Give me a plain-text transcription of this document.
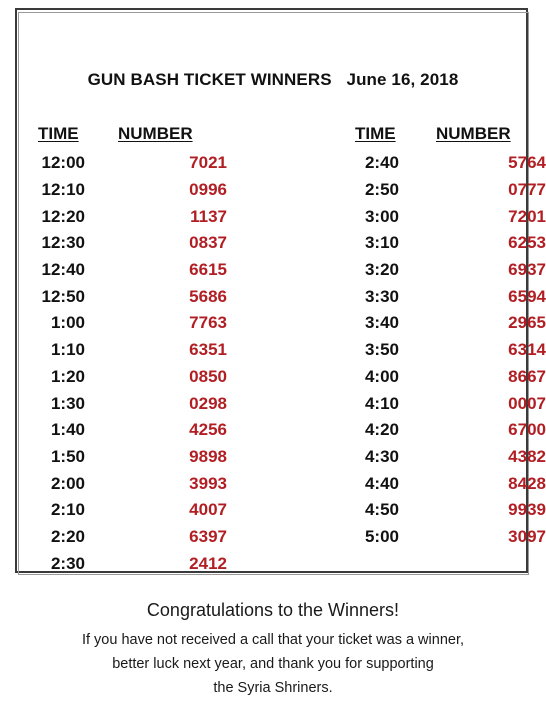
GUN BASH TICKET WINNERS June 16, 2018
TIME NUMBER	TIME NUMBER
12:00	7021
12:10	0996
12:20	1137
12:30	0837
12:40	6615
12:50	5686
1:00	7763
1:10	6351
1:20	0850
1:30	0298
1:40	4256
1:50	9898
2:00	3993
2:10	4007
2:20	6397
2:30	2412
2:40	5764
2:50	0777
3:00	7201
3:10	6253
3:20	6937
3:30	6594
3:40	2965
3:50	6314
4:00	8667
4:10	0007
4:20	6700
4:30	4382
4:40	8428
4:50	9939
5:00	3097
Congratulations to the Winners!
If you have not received a call that your ticket was a winner,
better luck next year, and thank you for supporting
the Syria Shriners.
